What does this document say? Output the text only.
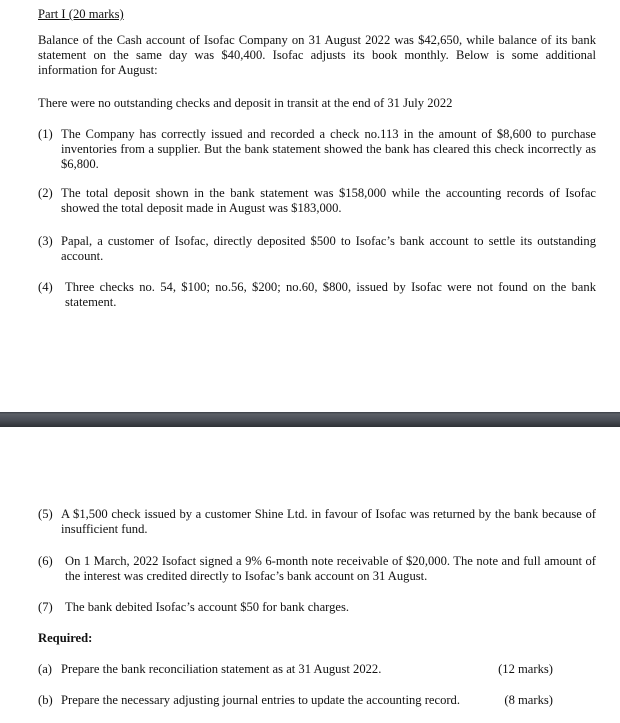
Part I (20 marks)
Balance of the Cash account of Isofac Company on 31 August 2022 was $42,650, while balance of its bank statement on the same day was $40,400. Isofac adjusts its book monthly. Below is some additional information for August:
There were no outstanding checks and deposit in transit at the end of 31 July 2022
(1) The Company has correctly issued and recorded a check no.113 in the amount of $8,600 to purchase inventories from a supplier. But the bank statement showed the bank has cleared this check incorrectly as $6,800.
(2) The total deposit shown in the bank statement was $158,000 while the accounting records of Isofac showed the total deposit made in August was $183,000.
(3) Papal, a customer of Isofac, directly deposited $500 to Isofac’s bank account to settle its outstanding account.
(4) Three checks no. 54, $100; no.56, $200; no.60, $800, issued by Isofac were not found on the bank statement.
(5) A $1,500 check issued by a customer Shine Ltd. in favour of Isofac was returned by the bank because of insufficient fund.
(6) On 1 March, 2022 Isofact signed a 9% 6-month note receivable of $20,000. The note and full amount of the interest was credited directly to Isofac’s bank account on 31 August.
(7) The bank debited Isofac’s account $50 for bank charges.
Required:
(a) Prepare the bank reconciliation statement as at 31 August 2022.	(12 marks)
(b) Prepare the necessary adjusting journal entries to update the accounting record.	(8 marks)
